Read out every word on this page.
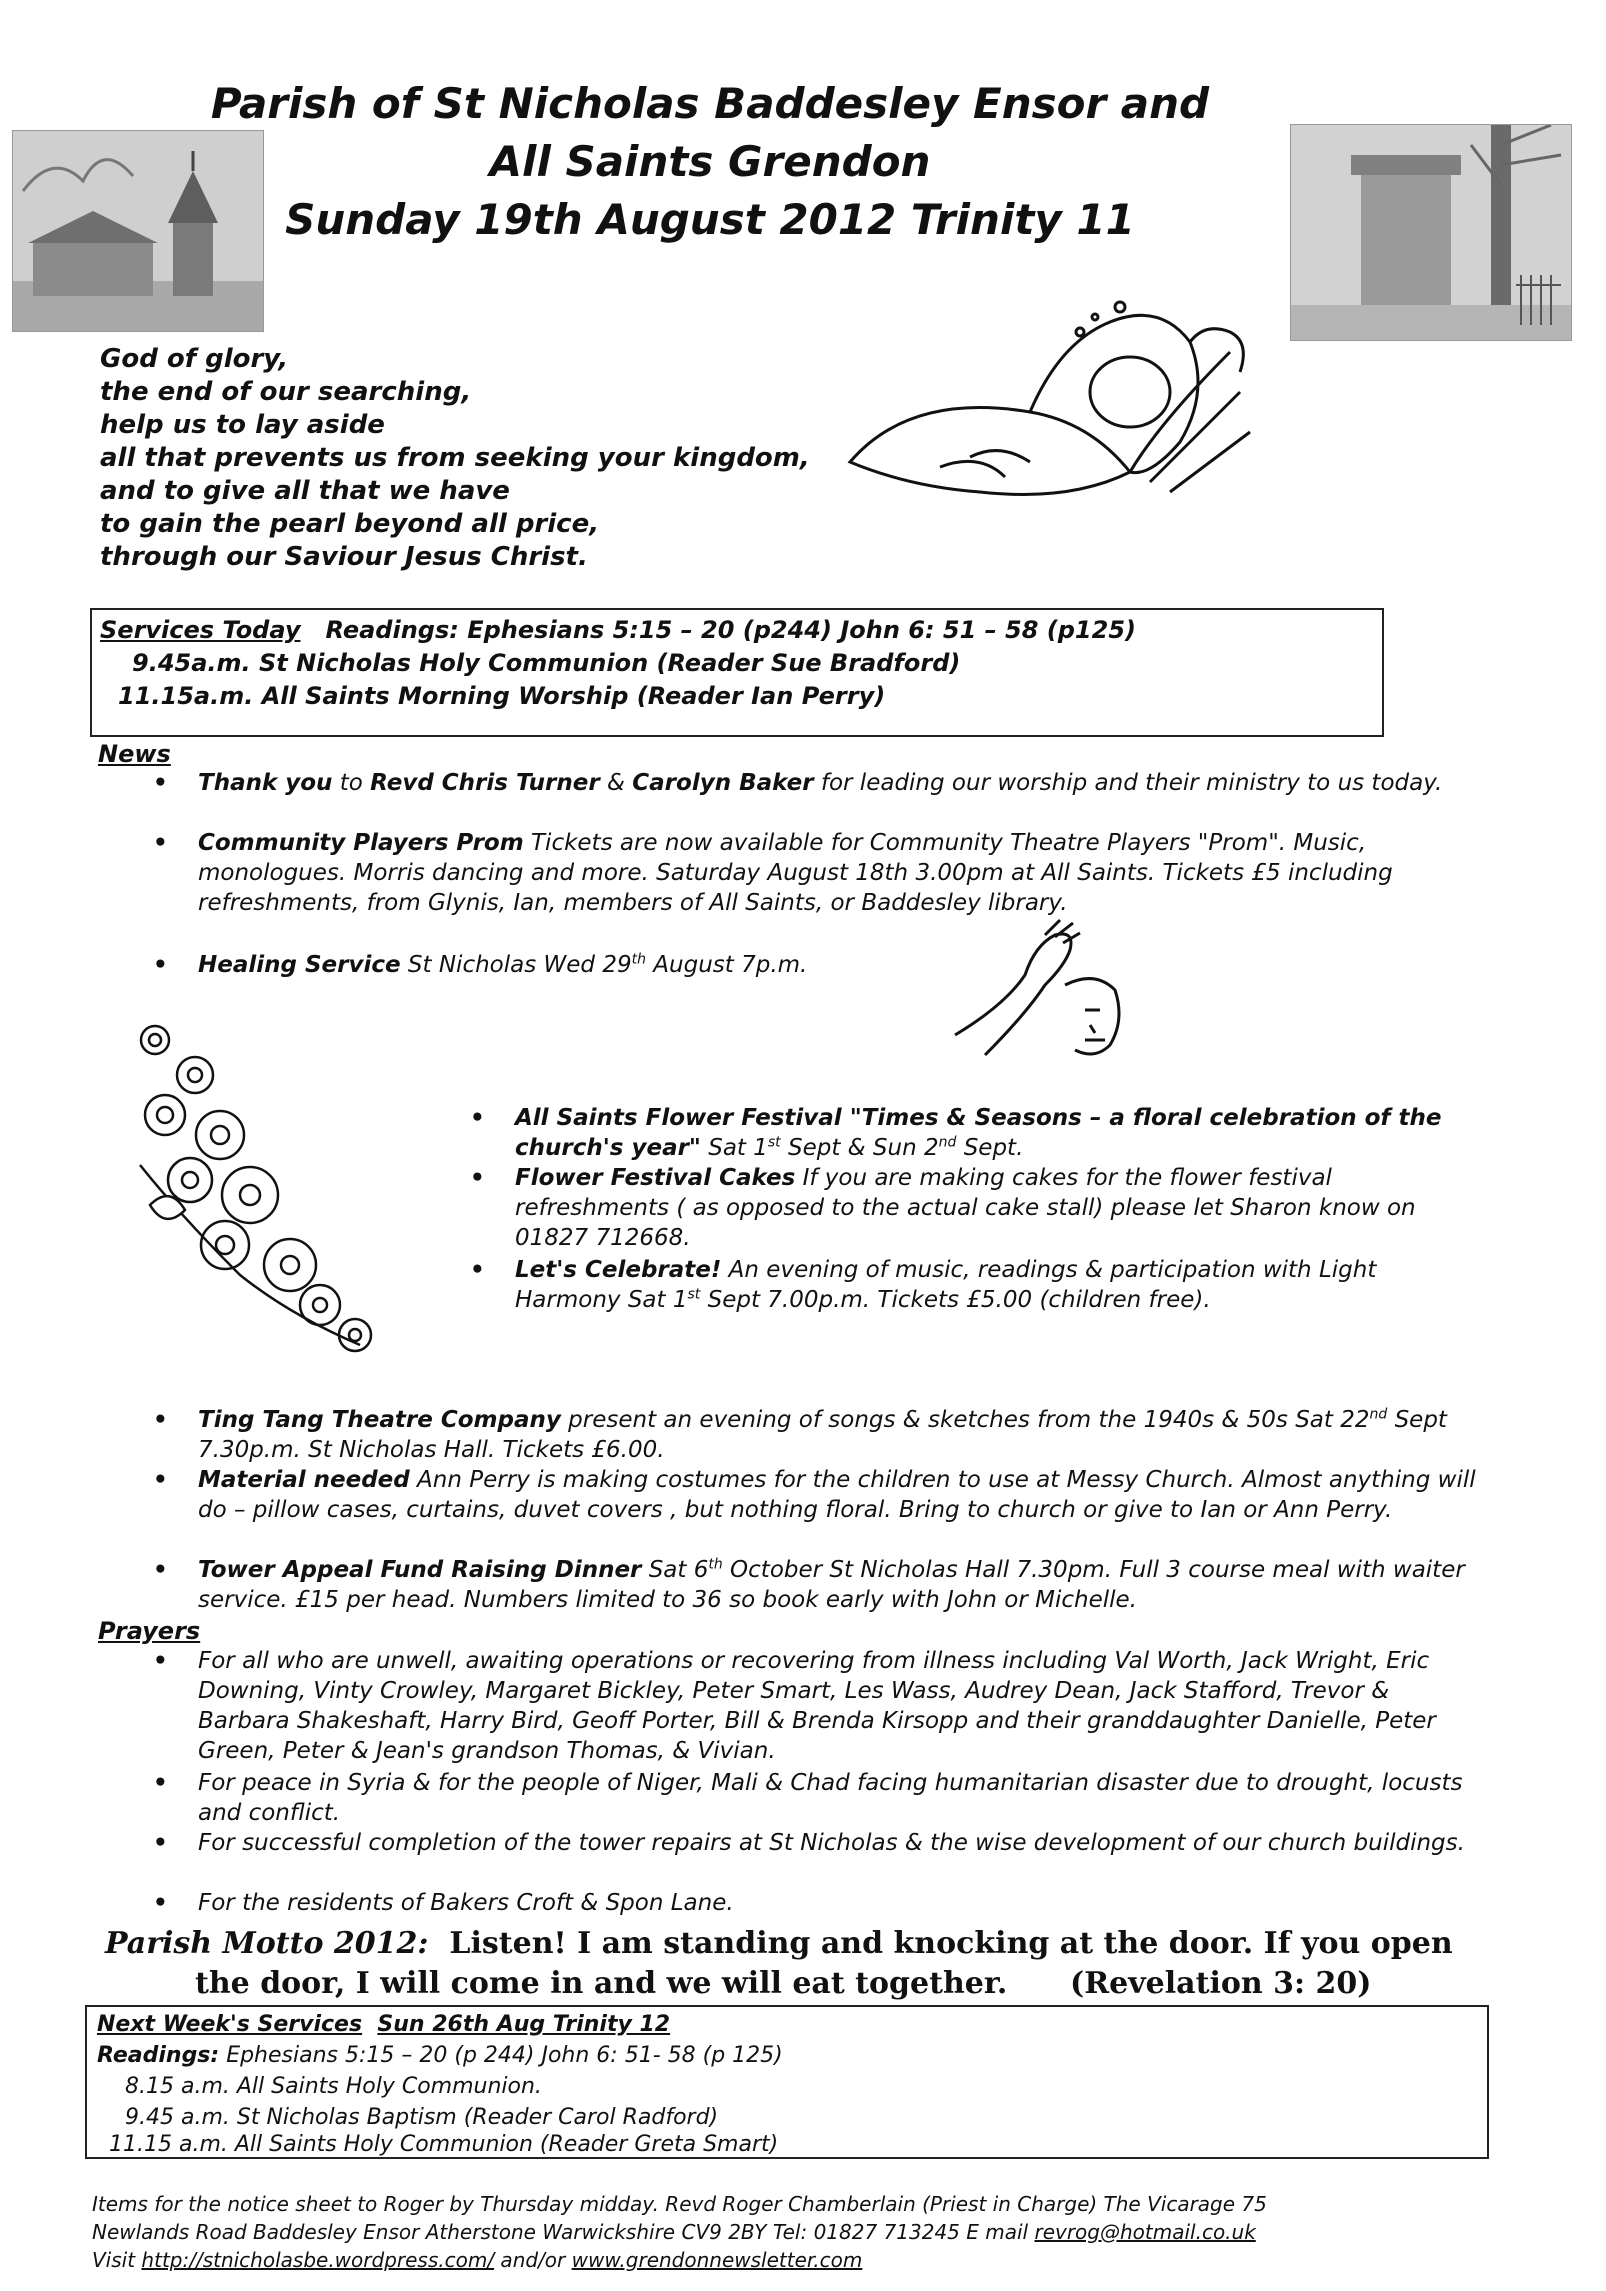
Parish of St Nicholas Baddesley Ensor and
All Saints Grendon
Sunday 19th August 2012 Trinity 11
God of glory,
the end of our searching,
help us to lay aside
all that prevents us from seeking your kingdom,
and to give all that we have
to gain the pearl beyond all price,
through our Saviour Jesus Christ.
Services Today Readings: Ephesians 5:15 – 20 (p244) John 6: 51 – 58 (p125)
9.45a.m. St Nicholas Holy Communion (Reader Sue Bradford)
11.15a.m. All Saints Morning Worship (Reader Ian Perry)
News
• Thank you to Revd Chris Turner & Carolyn Baker for leading our worship and their ministry to us today.
• Community Players Prom Tickets are now available for Community Theatre Players "Prom". Music, monologues. Morris dancing and more. Saturday August 18th 3.00pm at All Saints. Tickets £5 including refreshments, from Glynis, Ian, members of All Saints, or Baddesley library.
• Healing Service St Nicholas Wed 29th August 7p.m.
• All Saints Flower Festival "Times & Seasons – a floral celebration of the church's year" Sat 1st Sept & Sun 2nd Sept.
• Flower Festival Cakes If you are making cakes for the flower festival refreshments ( as opposed to the actual cake stall) please let Sharon know on 01827 712668.
• Let's Celebrate! An evening of music, readings & participation with Light Harmony Sat 1st Sept 7.00p.m. Tickets £5.00 (children free).
• Ting Tang Theatre Company present an evening of songs & sketches from the 1940s & 50s Sat 22nd Sept 7.30p.m. St Nicholas Hall. Tickets £6.00.
• Material needed Ann Perry is making costumes for the children to use at Messy Church. Almost anything will do – pillow cases, curtains, duvet covers , but nothing floral. Bring to church or give to Ian or Ann Perry.
• Tower Appeal Fund Raising Dinner Sat 6th October St Nicholas Hall 7.30pm. Full 3 course meal with waiter service. £15 per head. Numbers limited to 36 so book early with John or Michelle.
Prayers
• For all who are unwell, awaiting operations or recovering from illness including Val Worth, Jack Wright, Eric Downing, Vinty Crowley, Margaret Bickley, Peter Smart, Les Wass, Audrey Dean, Jack Stafford, Trevor & Barbara Shakeshaft, Harry Bird, Geoff Porter, Bill & Brenda Kirsopp and their granddaughter Danielle, Peter Green, Peter & Jean's grandson Thomas, & Vivian.
• For peace in Syria & for the people of Niger, Mali & Chad facing humanitarian disaster due to drought, locusts and conflict.
• For successful completion of the tower repairs at St Nicholas & the wise development of our church buildings.
• For the residents of Bakers Croft & Spon Lane.
Parish Motto 2012: Listen! I am standing and knocking at the door. If you open
the door, I will come in and we will eat together. (Revelation 3: 20)
Next Week's Services Sun 26th Aug Trinity 12
Readings: Ephesians 5:15 – 20 (p 244) John 6: 51- 58 (p 125)
8.15 a.m. All Saints Holy Communion.
9.45 a.m. St Nicholas Baptism (Reader Carol Radford)
11.15 a.m. All Saints Holy Communion (Reader Greta Smart)
Items for the notice sheet to Roger by Thursday midday. Revd Roger Chamberlain (Priest in Charge) The Vicarage 75
Newlands Road Baddesley Ensor Atherstone Warwickshire CV9 2BY Tel: 01827 713245 E mail revrog@hotmail.co.uk
Visit http://stnicholasbe.wordpress.com/ and/or www.grendonnewsletter.com
